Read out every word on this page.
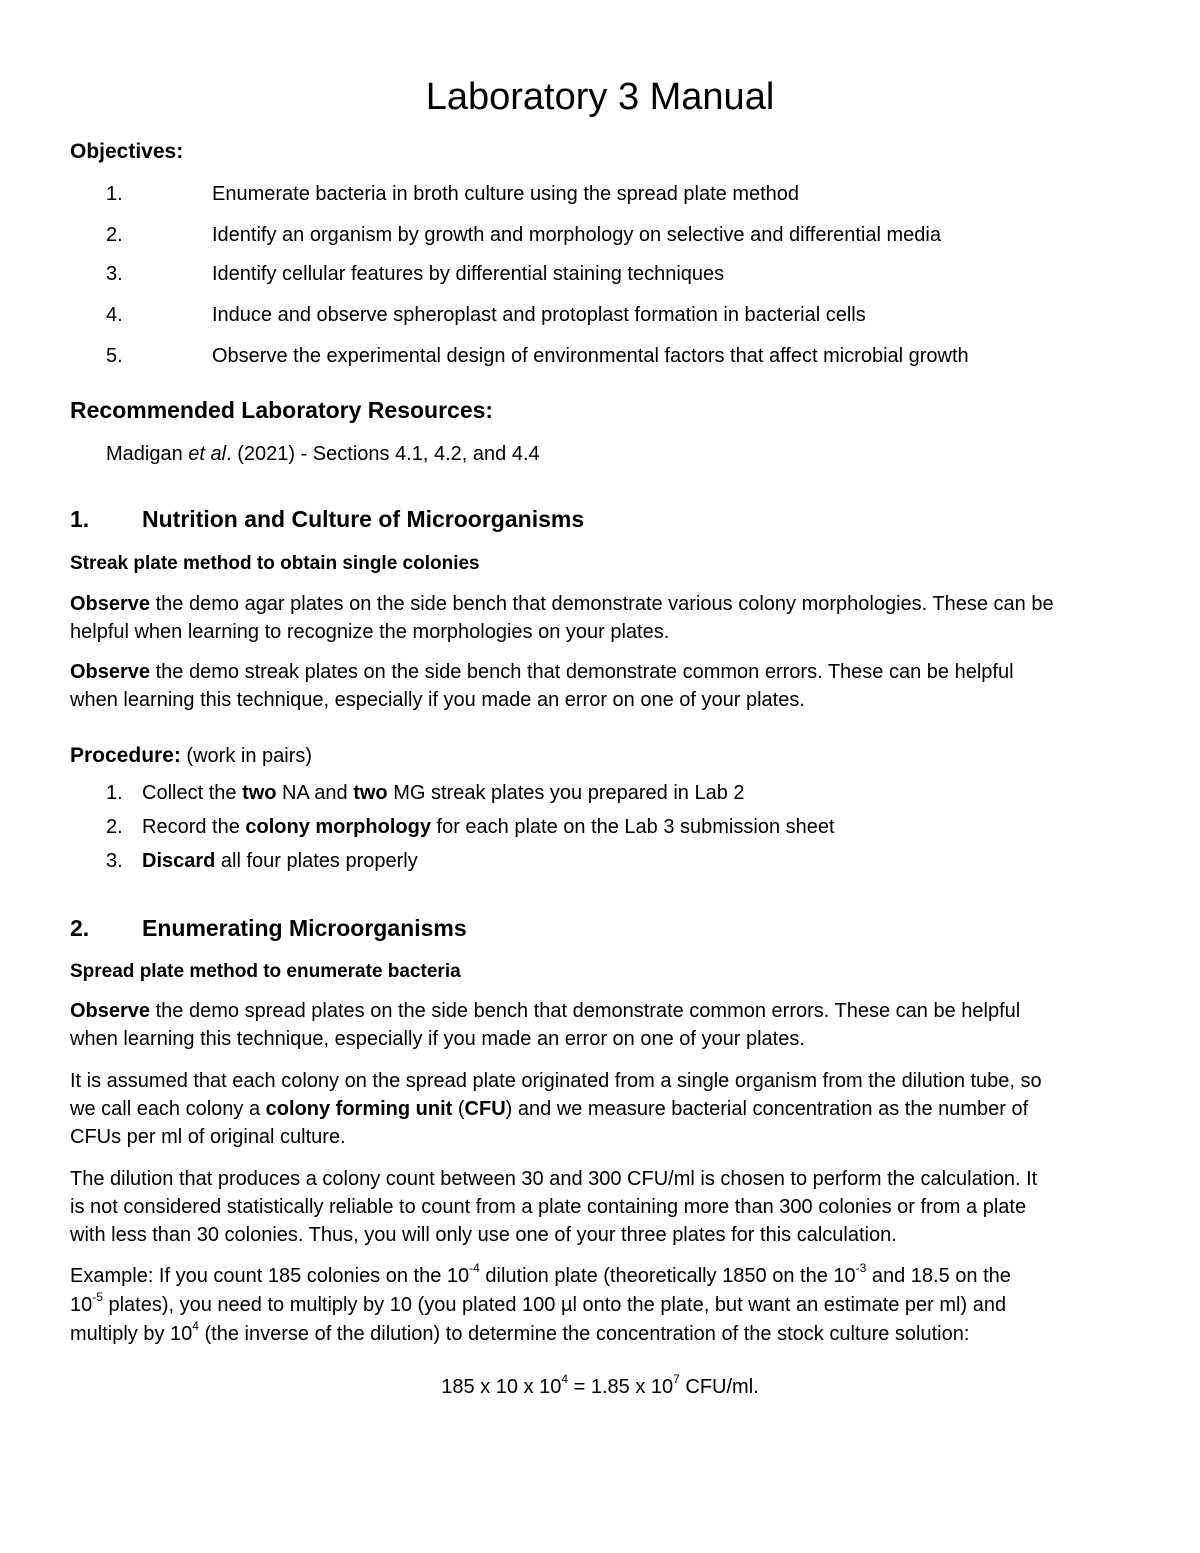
Laboratory 3 Manual
Objectives:
1.	Enumerate bacteria in broth culture using the spread plate method
2.	Identify an organism by growth and morphology on selective and differential media
3.	Identify cellular features by differential staining techniques
4.	Induce and observe spheroplast and protoplast formation in bacterial cells
5.	Observe the experimental design of environmental factors that affect microbial growth
Recommended Laboratory Resources:
Madigan et al. (2021) - Sections 4.1, 4.2, and 4.4
1. Nutrition and Culture of Microorganisms
Streak plate method to obtain single colonies
Observe the demo agar plates on the side bench that demonstrate various colony morphologies. These can be
helpful when learning to recognize the morphologies on your plates.
Observe the demo streak plates on the side bench that demonstrate common errors. These can be helpful
when learning this technique, especially if you made an error on one of your plates.
Procedure: (work in pairs)
1. Collect the two NA and two MG streak plates you prepared in Lab 2
2. Record the colony morphology for each plate on the Lab 3 submission sheet
3. Discard all four plates properly
2. Enumerating Microorganisms
Spread plate method to enumerate bacteria
Observe the demo spread plates on the side bench that demonstrate common errors. These can be helpful
when learning this technique, especially if you made an error on one of your plates.
It is assumed that each colony on the spread plate originated from a single organism from the dilution tube, so
we call each colony a colony forming unit (CFU) and we measure bacterial concentration as the number of
CFUs per ml of original culture.
The dilution that produces a colony count between 30 and 300 CFU/ml is chosen to perform the calculation. It
is not considered statistically reliable to count from a plate containing more than 300 colonies or from a plate
with less than 30 colonies. Thus, you will only use one of your three plates for this calculation.
Example: If you count 185 colonies on the $10^{-4}$ dilution plate (theoretically 1850 on the $10^{-3}$ and 18.5 on the
$10^{-5}$ plates), you need to multiply by 10 (you plated 100 µl onto the plate, but want an estimate per ml) and
multiply by $10^4$ (the inverse of the dilution) to determine the concentration of the stock culture solution:
185 x 10 x $10^4 = 1.85$ x $10^7$ CFU/ml.
